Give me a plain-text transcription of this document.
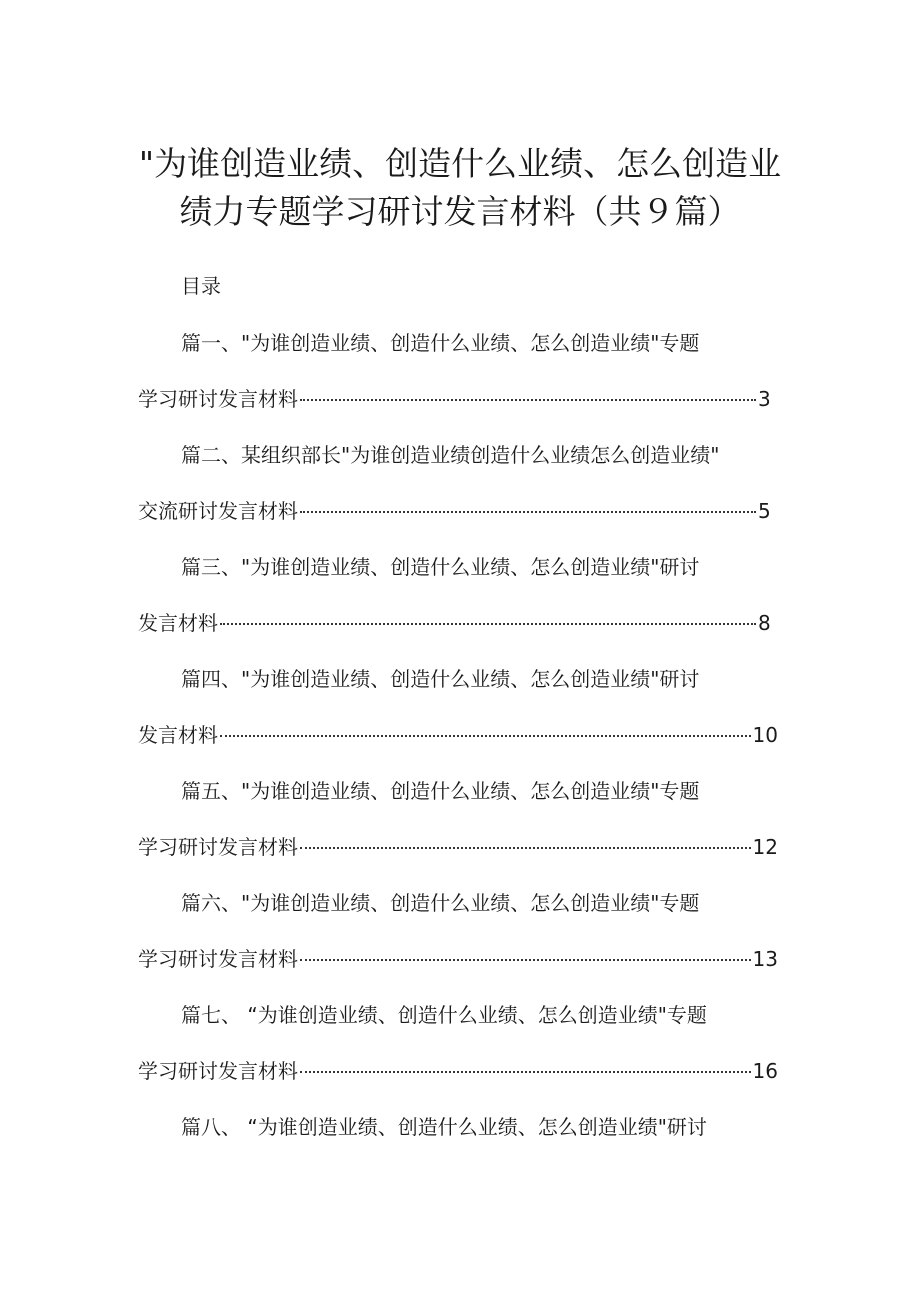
"为谁创造业绩、创造什么业绩、怎么创造业
绩力专题学习研讨发言材料（共９篇）
目录
篇一、"为谁创造业绩、创造什么业绩、怎么创造业绩"专题
学习研讨发言材料	3
篇二、某组织部长"为谁创造业绩创造什么业绩怎么创造业绩"
交流研讨发言材料	5
篇三、"为谁创造业绩、创造什么业绩、怎么创造业绩"研讨
发言材料	8
篇四、"为谁创造业绩、创造什么业绩、怎么创造业绩"研讨
发言材料	10
篇五、"为谁创造业绩、创造什么业绩、怎么创造业绩"专题
学习研讨发言材料	12
篇六、"为谁创造业绩、创造什么业绩、怎么创造业绩"专题
学习研讨发言材料	13
篇七、 “为谁创造业绩、创造什么业绩、怎么创造业绩"专题
学习研讨发言材料	16
篇八、 “为谁创造业绩、创造什么业绩、怎么创造业绩"研讨
